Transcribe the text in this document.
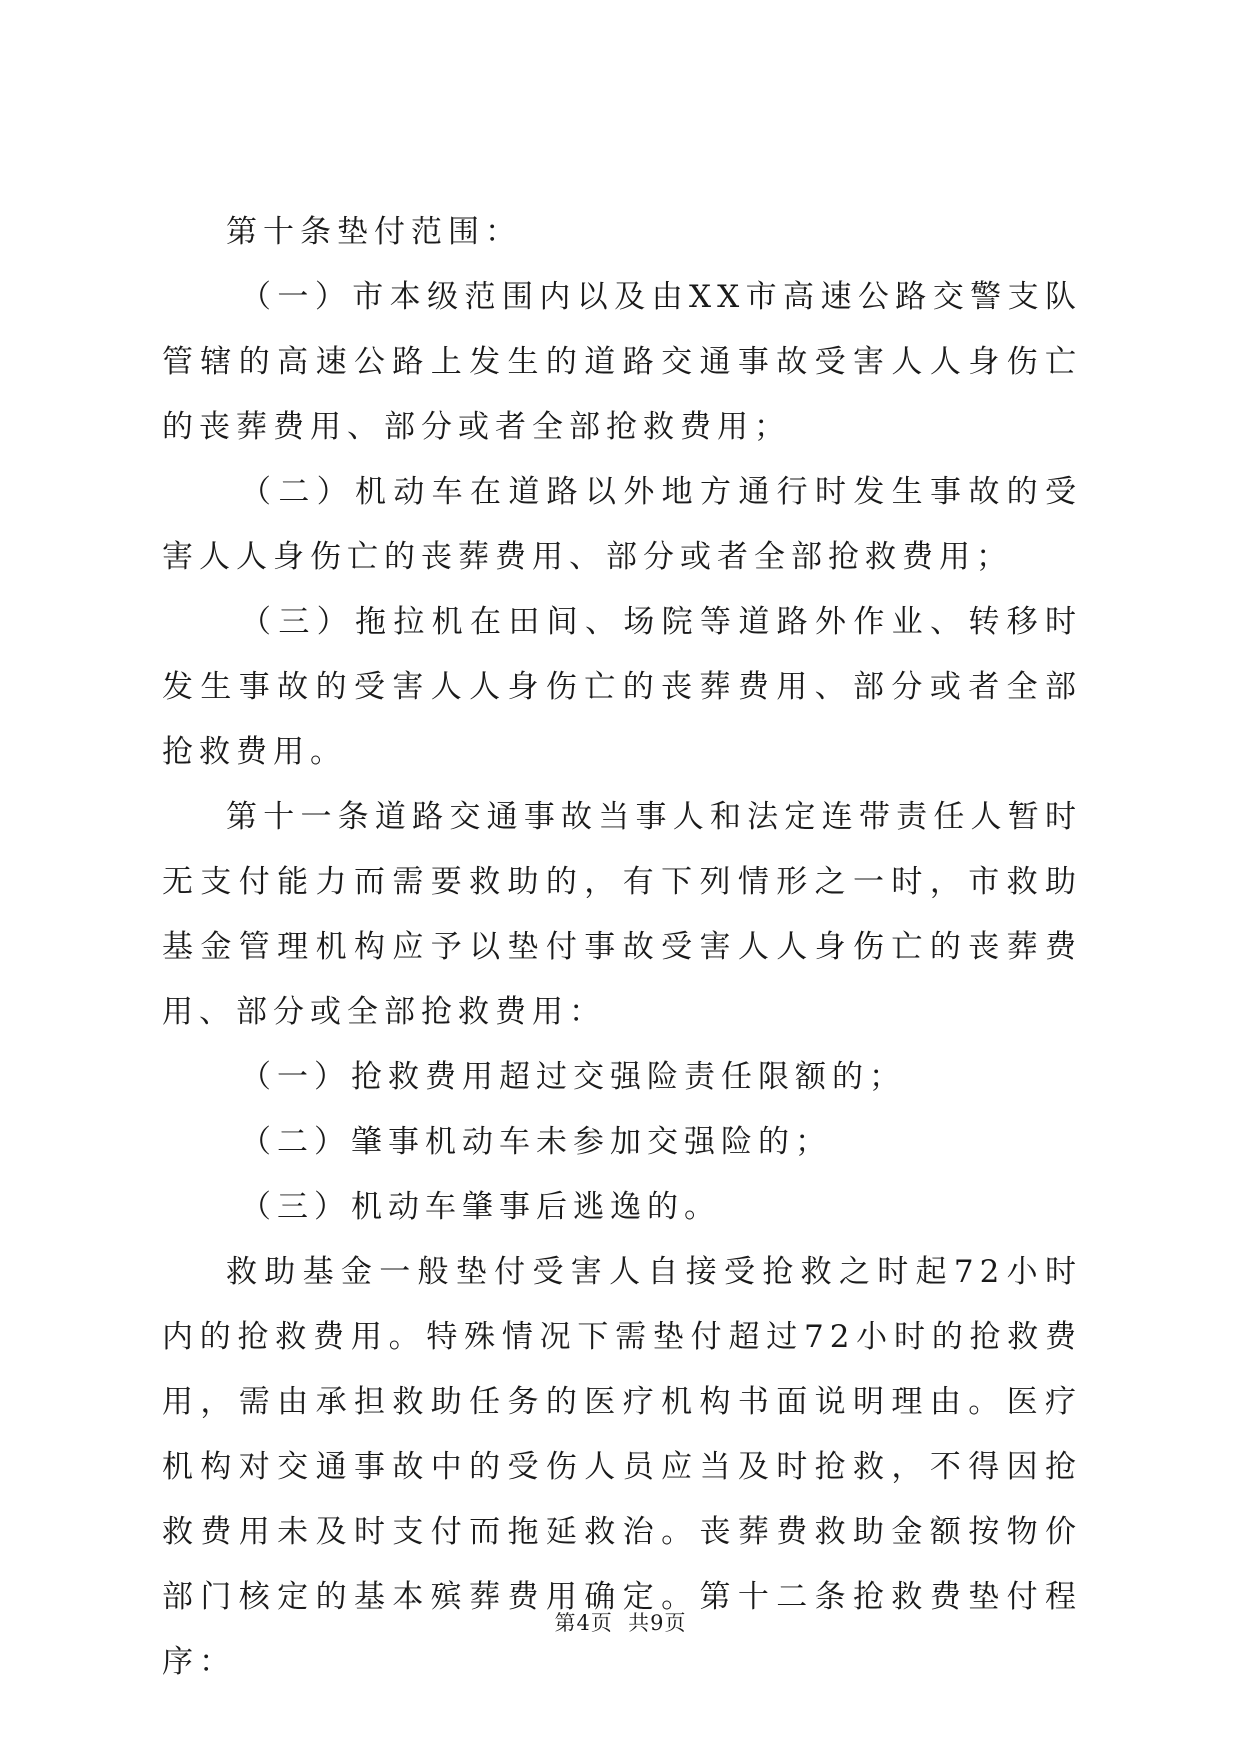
第十条垫付范围：

（一）市本级范围内以及由XX市高速公路交警支队管辖的高速公路上发生的道路交通事故受害人人身伤亡的丧葬费用、部分或者全部抢救费用；

（二）机动车在道路以外地方通行时发生事故的受害人人身伤亡的丧葬费用、部分或者全部抢救费用；

（三）拖拉机在田间、场院等道路外作业、转移时发生事故的受害人人身伤亡的丧葬费用、部分或者全部抢救费用。

第十一条道路交通事故当事人和法定连带责任人暂时无支付能力而需要救助的，有下列情形之一时，市救助基金管理机构应予以垫付事故受害人人身伤亡的丧葬费用、部分或全部抢救费用：

（一）抢救费用超过交强险责任限额的；

（二）肇事机动车未参加交强险的；

（三）机动车肇事后逃逸的。

救助基金一般垫付受害人自接受抢救之时起72小时内的抢救费用。特殊情况下需垫付超过72小时的抢救费用，需由承担救助任务的医疗机构书面说明理由。医疗机构对交通事故中的受伤人员应当及时抢救，不得因抢救费用未及时支付而拖延救治。丧葬费救助金额按物价部门核定的基本殡葬费用确定。第十二条抢救费垫付程序：

第4页  共9页
